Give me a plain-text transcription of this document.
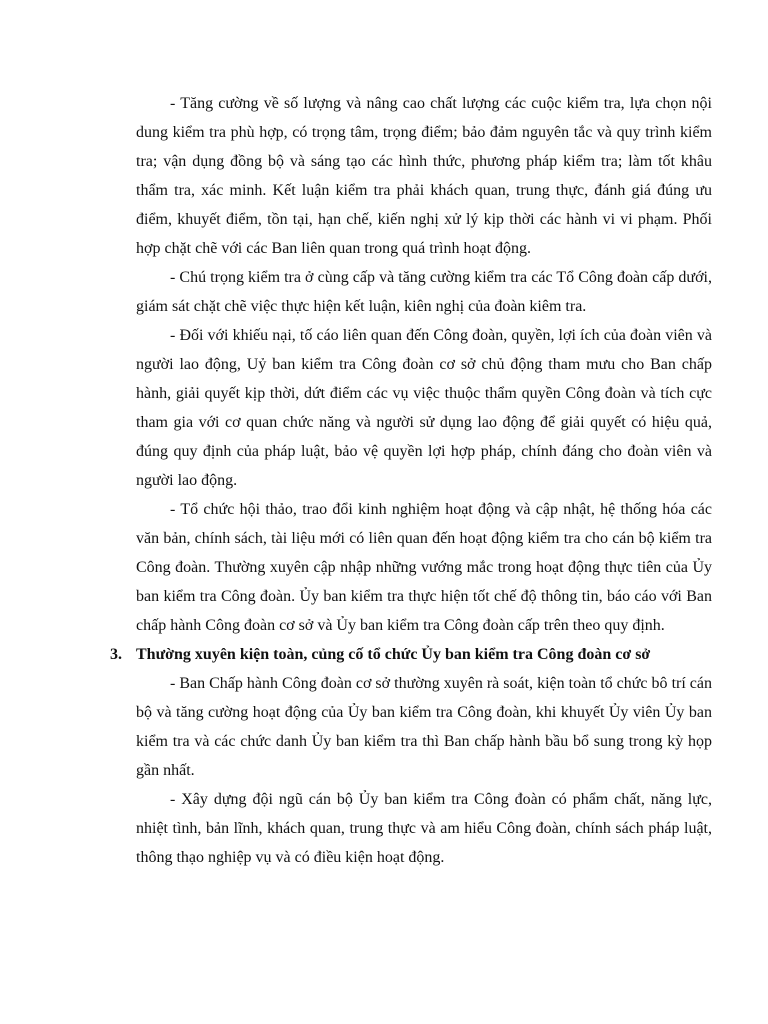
- Tăng cường về số lượng và nâng cao chất lượng các cuộc kiểm tra, lựa chọn nội dung kiểm tra phù hợp, có trọng tâm, trọng điểm; bảo đảm nguyên tắc và quy trình kiểm tra; vận dụng đồng bộ và sáng tạo các hình thức, phương pháp kiểm tra; làm tốt khâu thẩm tra, xác minh. Kết luận kiểm tra phải khách quan, trung thực, đánh giá đúng ưu điểm, khuyết điểm, tồn tại, hạn chế, kiến nghị xử lý kịp thời các hành vi vi phạm. Phối hợp chặt chẽ với các Ban liên quan trong quá trình hoạt động.

- Chú trọng kiểm tra ở cùng cấp và tăng cường kiểm tra các Tổ Công đoàn cấp dưới, giám sát chặt chẽ việc thực hiện kết luận, kiên nghị của đoàn kiêm tra.

- Đối với khiếu nại, tố cáo liên quan đến Công đoàn, quyền, lợi ích của đoàn viên và người lao động, Uỷ ban kiểm tra Công đoàn cơ sở chủ động tham mưu cho Ban chấp hành, giải quyết kịp thời, dứt điểm các vụ việc thuộc thẩm quyền Công đoàn và tích cực tham gia với cơ quan chức năng và người sử dụng lao động để giải quyết có hiệu quả, đúng quy định của pháp luật, bảo vệ quyền lợi hợp pháp, chính đáng cho đoàn viên và người lao động.

- Tổ chức hội thảo, trao đổi kinh nghiệm hoạt động và cập nhật, hệ thống hóa các văn bản, chính sách, tài liệu mới có liên quan đến hoạt động kiểm tra cho cán bộ kiểm tra Công đoàn. Thường xuyên cập nhập những vướng mắc trong hoạt động thực tiên của Ủy ban kiểm tra Công đoàn. Ủy ban kiểm tra thực hiện tốt chế độ thông tin, báo cáo với Ban chấp hành Công đoàn cơ sở và Ủy ban kiểm tra Công đoàn cấp trên theo quy định.

3. Thường xuyên kiện toàn, củng cố tổ chức Ủy ban kiểm tra Công đoàn cơ sở

- Ban Chấp hành Công đoàn cơ sở thường xuyên rà soát, kiện toàn tổ chức bô trí cán bộ và tăng cường hoạt động của Ủy ban kiểm tra Công đoàn, khi khuyết Ủy viên Ủy ban kiểm tra và các chức danh Ủy ban kiểm tra thì Ban chấp hành bầu bổ sung trong kỳ họp gần nhất.

- Xây dựng đội ngũ cán bộ Ủy ban kiểm tra Công đoàn có phẩm chất, năng lực, nhiệt tình, bản lĩnh, khách quan, trung thực và am hiểu Công đoàn, chính sách pháp luật, thông thạo nghiệp vụ và có điều kiện hoạt động.
